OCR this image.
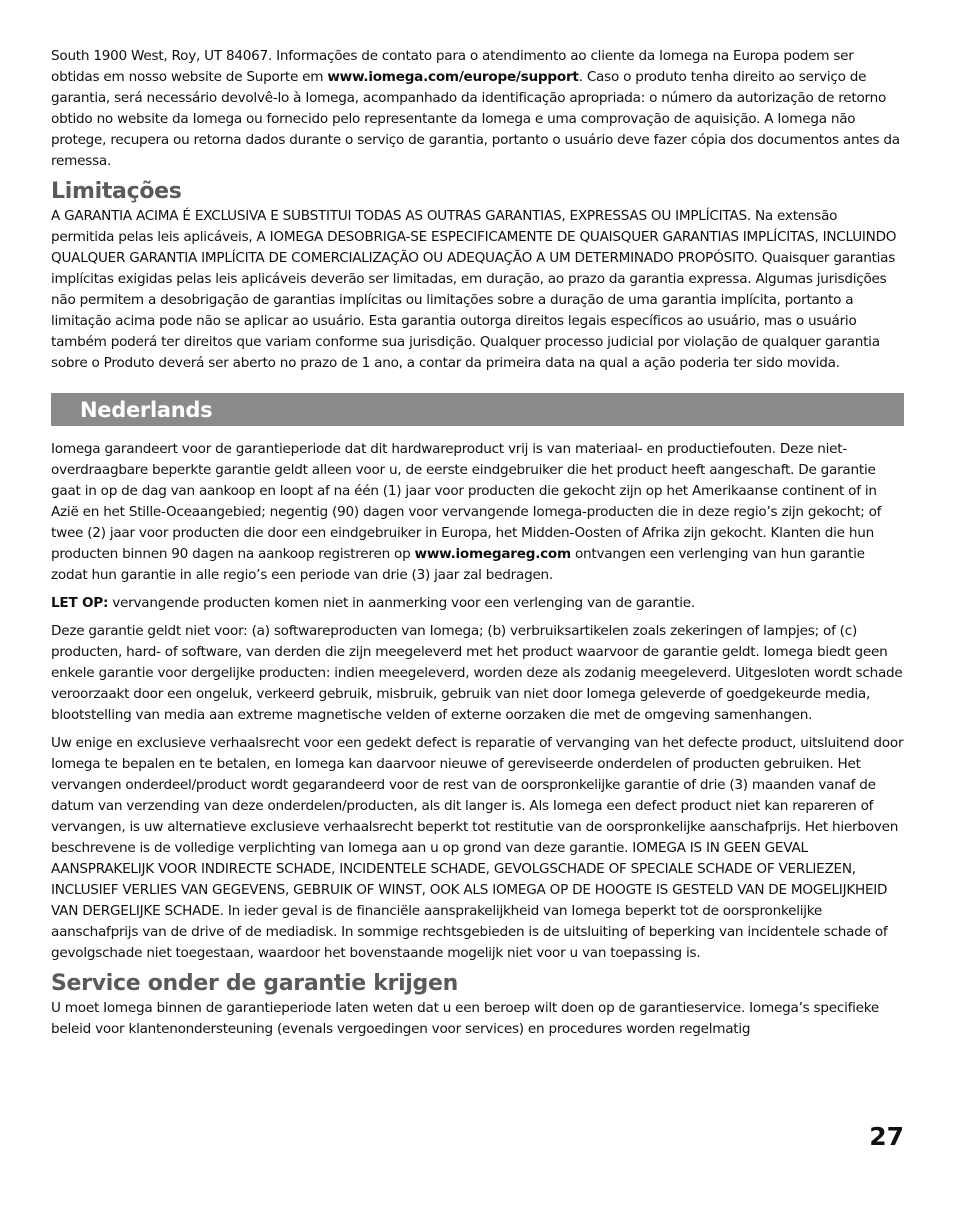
South 1900 West, Roy, UT 84067. Informações de contato para o atendimento ao cliente da Iomega na Europa podem ser obtidas em nosso website de Suporte em www.iomega.com/europe/support. Caso o produto tenha direito ao serviço de garantia, será necessário devolvê-lo à Iomega, acompanhado da identificação apropriada: o número da autorização de retorno obtido no website da Iomega ou fornecido pelo representante da Iomega e uma comprovação de aquisição. A Iomega não protege, recupera ou retorna dados durante o serviço de garantia, portanto o usuário deve fazer cópia dos documentos antes da remessa.

Limitações

A GARANTIA ACIMA É EXCLUSIVA E SUBSTITUI TODAS AS OUTRAS GARANTIAS, EXPRESSAS OU IMPLÍCITAS. Na extensão permitida pelas leis aplicáveis, A IOMEGA DESOBRIGA-SE ESPECIFICAMENTE DE QUAISQUER GARANTIAS IMPLÍCITAS, INCLUINDO QUALQUER GARANTIA IMPLÍCITA DE COMERCIALIZAÇÃO OU ADEQUAÇÃO A UM DETERMINADO PROPÓSITO. Quaisquer garantias implícitas exigidas pelas leis aplicáveis deverão ser limitadas, em duração, ao prazo da garantia expressa. Algumas jurisdições não permitem a desobrigação de garantias implícitas ou limitações sobre a duração de uma garantia implícita, portanto a limitação acima pode não se aplicar ao usuário. Esta garantia outorga direitos legais específicos ao usuário, mas o usuário também poderá ter direitos que variam conforme sua jurisdição. Qualquer processo judicial por violação de qualquer garantia sobre o Produto deverá ser aberto no prazo de 1 ano, a contar da primeira data na qual a ação poderia ter sido movida.

Nederlands

Iomega garandeert voor de garantieperiode dat dit hardwareproduct vrij is van materiaal- en productiefouten. Deze niet-overdraagbare beperkte garantie geldt alleen voor u, de eerste eindgebruiker die het product heeft aangeschaft. De garantie gaat in op de dag van aankoop en loopt af na één (1) jaar voor producten die gekocht zijn op het Amerikaanse continent of in Azië en het Stille-Oceaangebied; negentig (90) dagen voor vervangende Iomega-producten die in deze regio’s zijn gekocht; of twee (2) jaar voor producten die door een eindgebruiker in Europa, het Midden-Oosten of Afrika zijn gekocht. Klanten die hun producten binnen 90 dagen na aankoop registreren op www.iomegareg.com ontvangen een verlenging van hun garantie zodat hun garantie in alle regio’s een periode van drie (3) jaar zal bedragen.

LET OP: vervangende producten komen niet in aanmerking voor een verlenging van de garantie.

Deze garantie geldt niet voor: (a) softwareproducten van Iomega; (b) verbruiksartikelen zoals zekeringen of lampjes; of (c) producten, hard- of software, van derden die zijn meegeleverd met het product waarvoor de garantie geldt. Iomega biedt geen enkele garantie voor dergelijke producten: indien meegeleverd, worden deze als zodanig meegeleverd. Uitgesloten wordt schade veroorzaakt door een ongeluk, verkeerd gebruik, misbruik, gebruik van niet door Iomega geleverde of goedgekeurde media, blootstelling van media aan extreme magnetische velden of externe oorzaken die met de omgeving samenhangen.

Uw enige en exclusieve verhaalsrecht voor een gedekt defect is reparatie of vervanging van het defecte product, uitsluitend door Iomega te bepalen en te betalen, en Iomega kan daarvoor nieuwe of gereviseerde onderdelen of producten gebruiken. Het vervangen onderdeel/product wordt gegarandeerd voor de rest van de oorspronkelijke garantie of drie (3) maanden vanaf de datum van verzending van deze onderdelen/producten, als dit langer is. Als Iomega een defect product niet kan repareren of vervangen, is uw alternatieve exclusieve verhaalsrecht beperkt tot restitutie van de oorspronkelijke aanschafprijs. Het hierboven beschrevene is de volledige verplichting van Iomega aan u op grond van deze garantie. IOMEGA IS IN GEEN GEVAL AANSPRAKELIJK VOOR INDIRECTE SCHADE, INCIDENTELE SCHADE, GEVOLGSCHADE OF SPECIALE SCHADE OF VERLIEZEN, INCLUSIEF VERLIES VAN GEGEVENS, GEBRUIK OF WINST, OOK ALS IOMEGA OP DE HOOGTE IS GESTELD VAN DE MOGELIJKHEID VAN DERGELIJKE SCHADE. In ieder geval is de financiële aansprakelijkheid van Iomega beperkt tot de oorspronkelijke aanschafprijs van de drive of de mediadisk. In sommige rechtsgebieden is de uitsluiting of beperking van incidentele schade of gevolgschade niet toegestaan, waardoor het bovenstaande mogelijk niet voor u van toepassing is.

Service onder de garantie krijgen

U moet Iomega binnen de garantieperiode laten weten dat u een beroep wilt doen op de garantieservice. Iomega’s specifieke beleid voor klantenondersteuning (evenals vergoedingen voor services) en procedures worden regelmatig

27
